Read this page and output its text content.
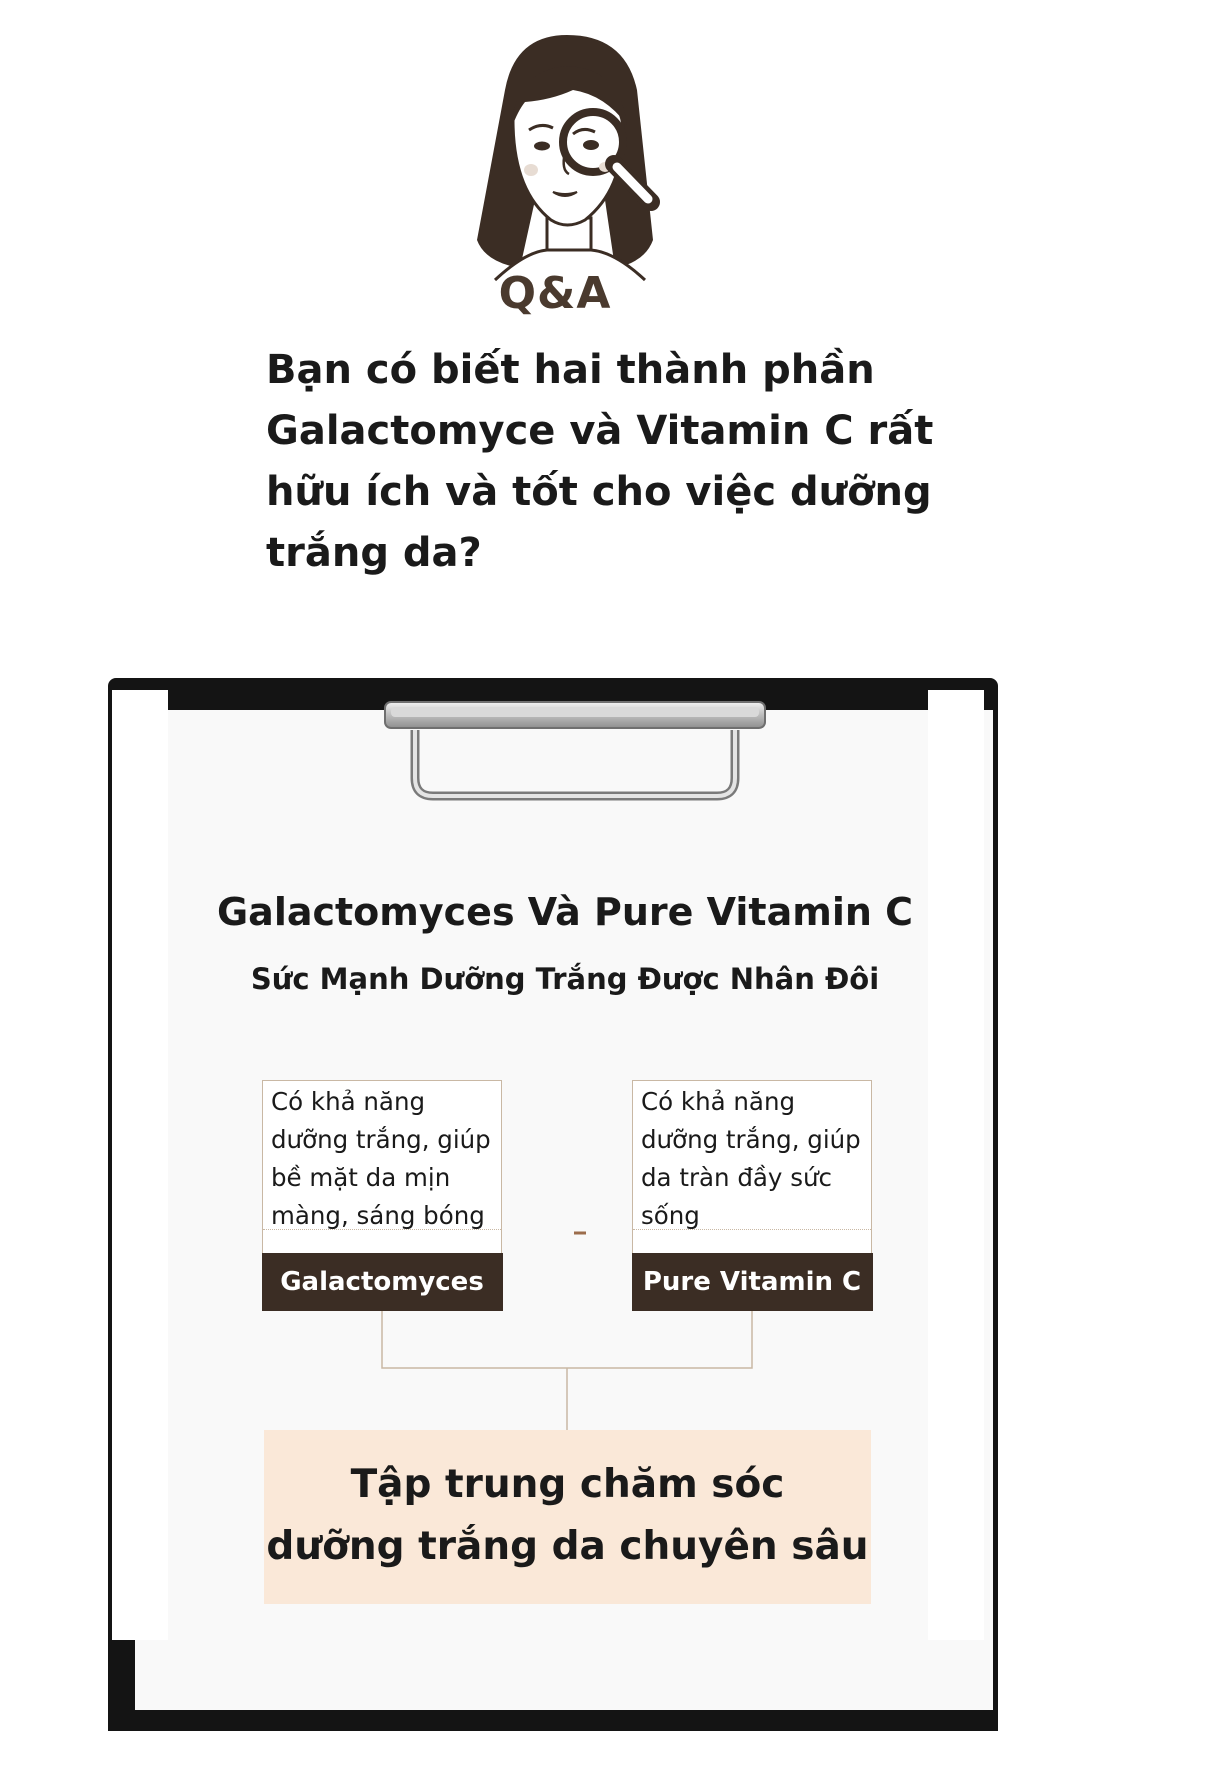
Q&A
Bạn có biết hai thành phần
Galactomyce và Vitamin C rất
hữu ích và tốt cho việc dưỡng
trắng da?
Galactomyces Và Pure Vitamin C
Sức Mạnh Dưỡng Trắng Được Nhân Đôi
Có khả năng
dưỡng trắng, giúp
bề mặt da mịn
màng, sáng bóng
Galactomyces
Có khả năng
dưỡng trắng, giúp
da tràn đầy sức
sống
Pure Vitamin C
Tập trung chăm sóc
dưỡng trắng da chuyên sâu
